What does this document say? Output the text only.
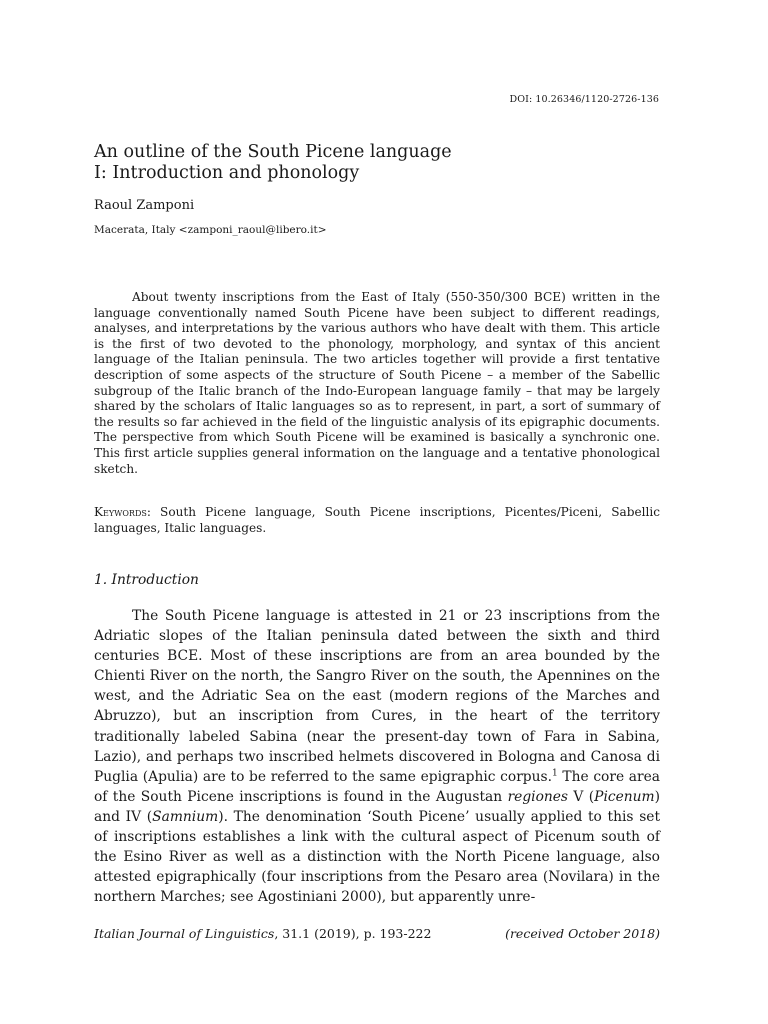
DOI: 10.26346/1120-2726-136
An outline of the South Picene language
I: Introduction and phonology
Raoul Zamponi
Macerata, Italy <zamponi_raoul@libero.it>

About twenty inscriptions from the East of Italy (550-350/300 BCE) written in the language conventionally named South Picene have been subject to different readings, analyses, and interpretations by the various authors who have dealt with them. This article is the first of two devoted to the phonology, morphology, and syntax of this ancient language of the Italian peninsula. The two articles together will provide a first tentative description of some aspects of the structure of South Picene – a member of the Sabellic subgroup of the Italic branch of the Indo-European language family – that may be largely shared by the scholars of Italic languages so as to represent, in part, a sort of summary of the results so far achieved in the field of the linguistic analysis of its epigraphic documents. The perspective from which South Picene will be examined is basically a synchronic one. This first article supplies general information on the language and a tentative phonological sketch.

Keywords: South Picene language, South Picene inscriptions, Picentes/Piceni, Sabellic languages, Italic languages.

1. Introduction

The South Picene language is attested in 21 or 23 inscriptions from the Adriatic slopes of the Italian peninsula dated between the sixth and third centuries BCE. Most of these inscriptions are from an area bounded by the Chienti River on the north, the Sangro River on the south, the Apennines on the west, and the Adriatic Sea on the east (modern regions of the Marches and Abruzzo), but an inscription from Cures, in the heart of the territory traditionally labeled Sabina (near the present-day town of Fara in Sabina, Lazio), and perhaps two inscribed helmets discovered in Bologna and Canosa di Puglia (Apulia) are to be referred to the same epigraphic corpus.$^1$ The core area of the South Picene inscriptions is found in the Augustan regiones V (Picenum) and IV (Samnium). The denomination ‘South Picene’ usually applied to this set of inscriptions establishes a link with the cultural aspect of Picenum south of the Esino River as well as a distinction with the North Picene language, also attested epigraphically (four inscriptions from the Pesaro area (Novilara) in the northern Marches; see Agostiniani 2000), but apparently unre-

Italian Journal of Linguistics, 31.1 (2019), p. 193-222	(received October 2018)
